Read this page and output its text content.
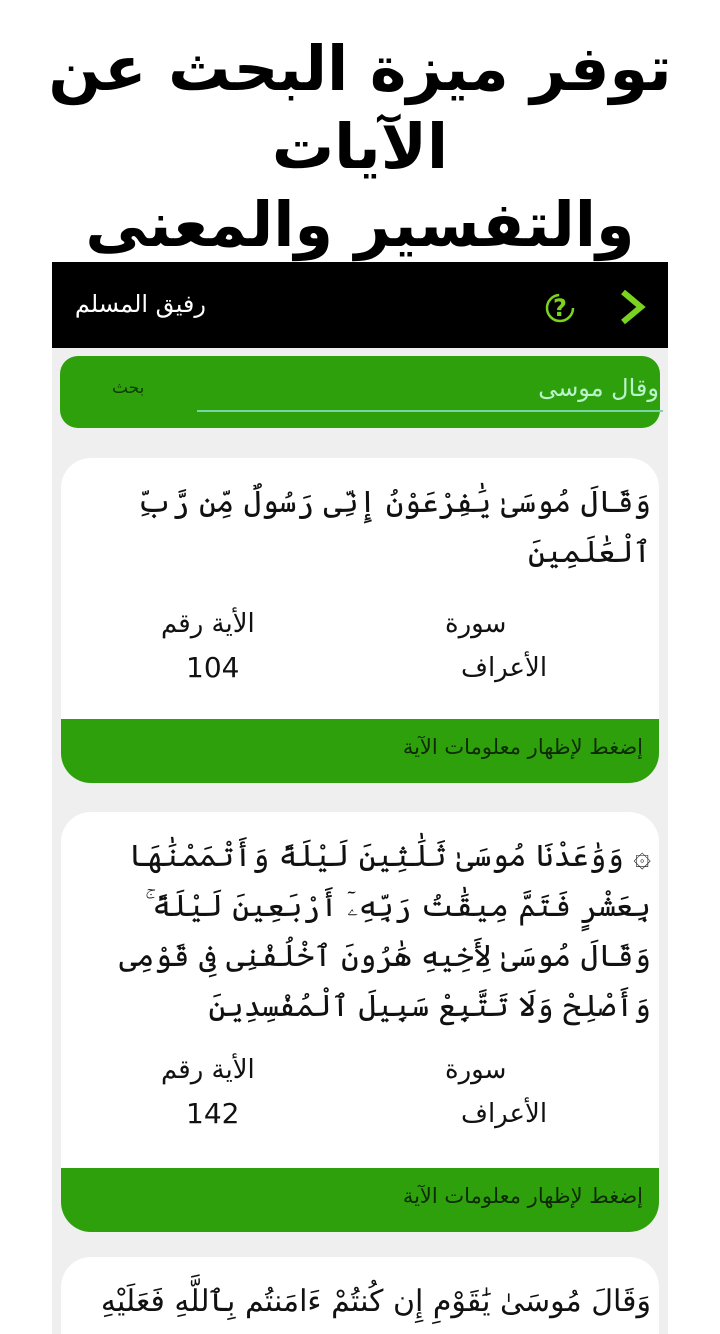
توفر ميزة البحث عن الآيات
والتفسير والمعنى
رفيق المسلم	?
وقال موسى
بحث
وَقَالَ مُوسَىٰ يَٰفِرْعَوْنُ إِنِّى رَسُولٌ مِّن رَّبِّ ٱلْعَٰلَمِينَ
سورة
الأعراف
الأية رقم
104
إضغط لإظهار معلومات الآية
۞ وَوَٰعَدْنَا مُوسَىٰ ثَلَٰثِينَ لَيْلَةً وَأَتْمَمْنَٰهَا بِعَشْرٍ فَتَمَّ مِيقَٰتُ رَبِّهِۦٓ أَرْبَعِينَ لَيْلَةً ۚ وَقَالَ مُوسَىٰ لِأَخِيهِ هَٰرُونَ ٱخْلُفْنِى فِى قَوْمِى وَأَصْلِحْ وَلَا تَتَّبِعْ سَبِيلَ ٱلْمُفْسِدِينَ
سورة
الأعراف
الأية رقم
142
إضغط لإظهار معلومات الآية
وَقَالَ مُوسَىٰ يَٰقَوْمِ إِن كُنتُمْ ءَامَنتُم بِٱللَّهِ فَعَلَيْهِ
